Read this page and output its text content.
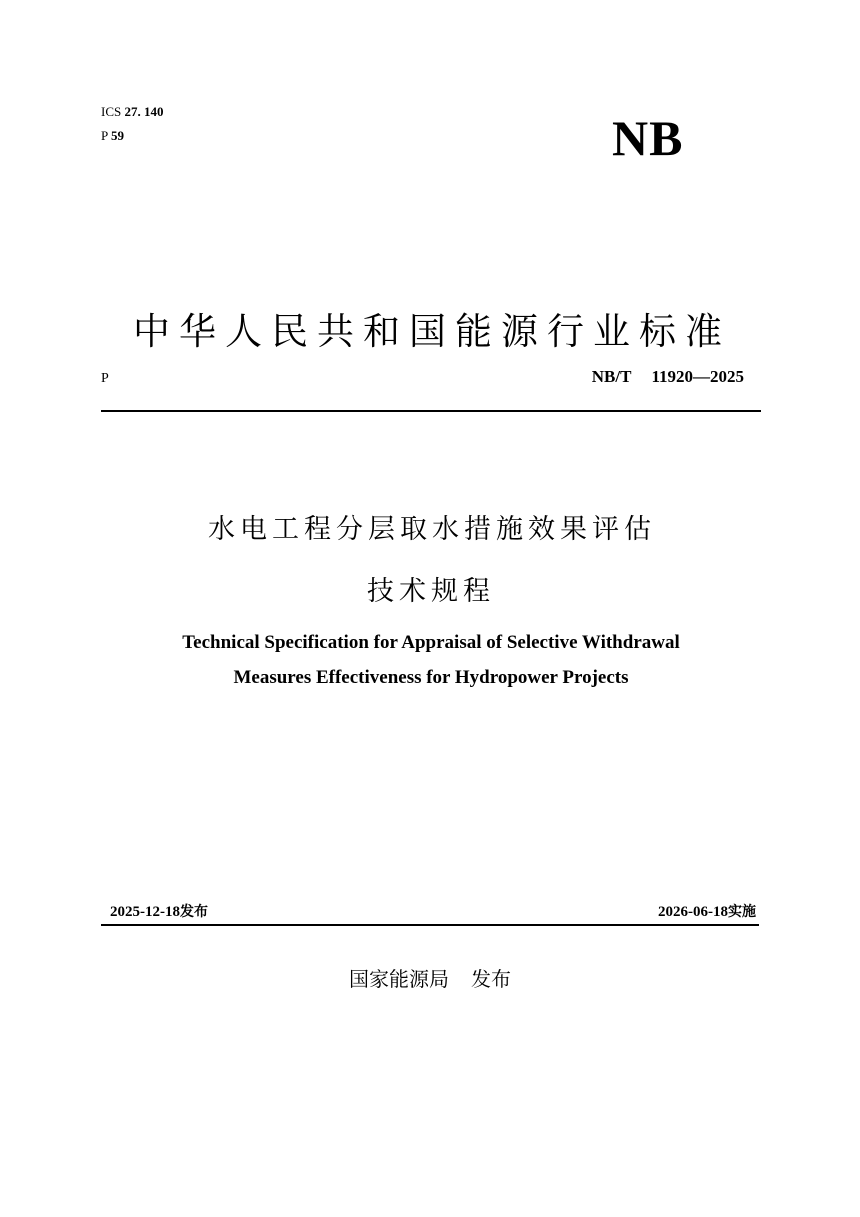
ICS 27. 140
P 59	NB
中华人民共和国能源行业标准
P	NB/T 11920—2025
水电工程分层取水措施效果评估
技术规程
Technical Specification for Appraisal of Selective Withdrawal
Measures Effectiveness for Hydropower Projects
2025-12-18发布	2026-06-18实施
国家能源局 发布
